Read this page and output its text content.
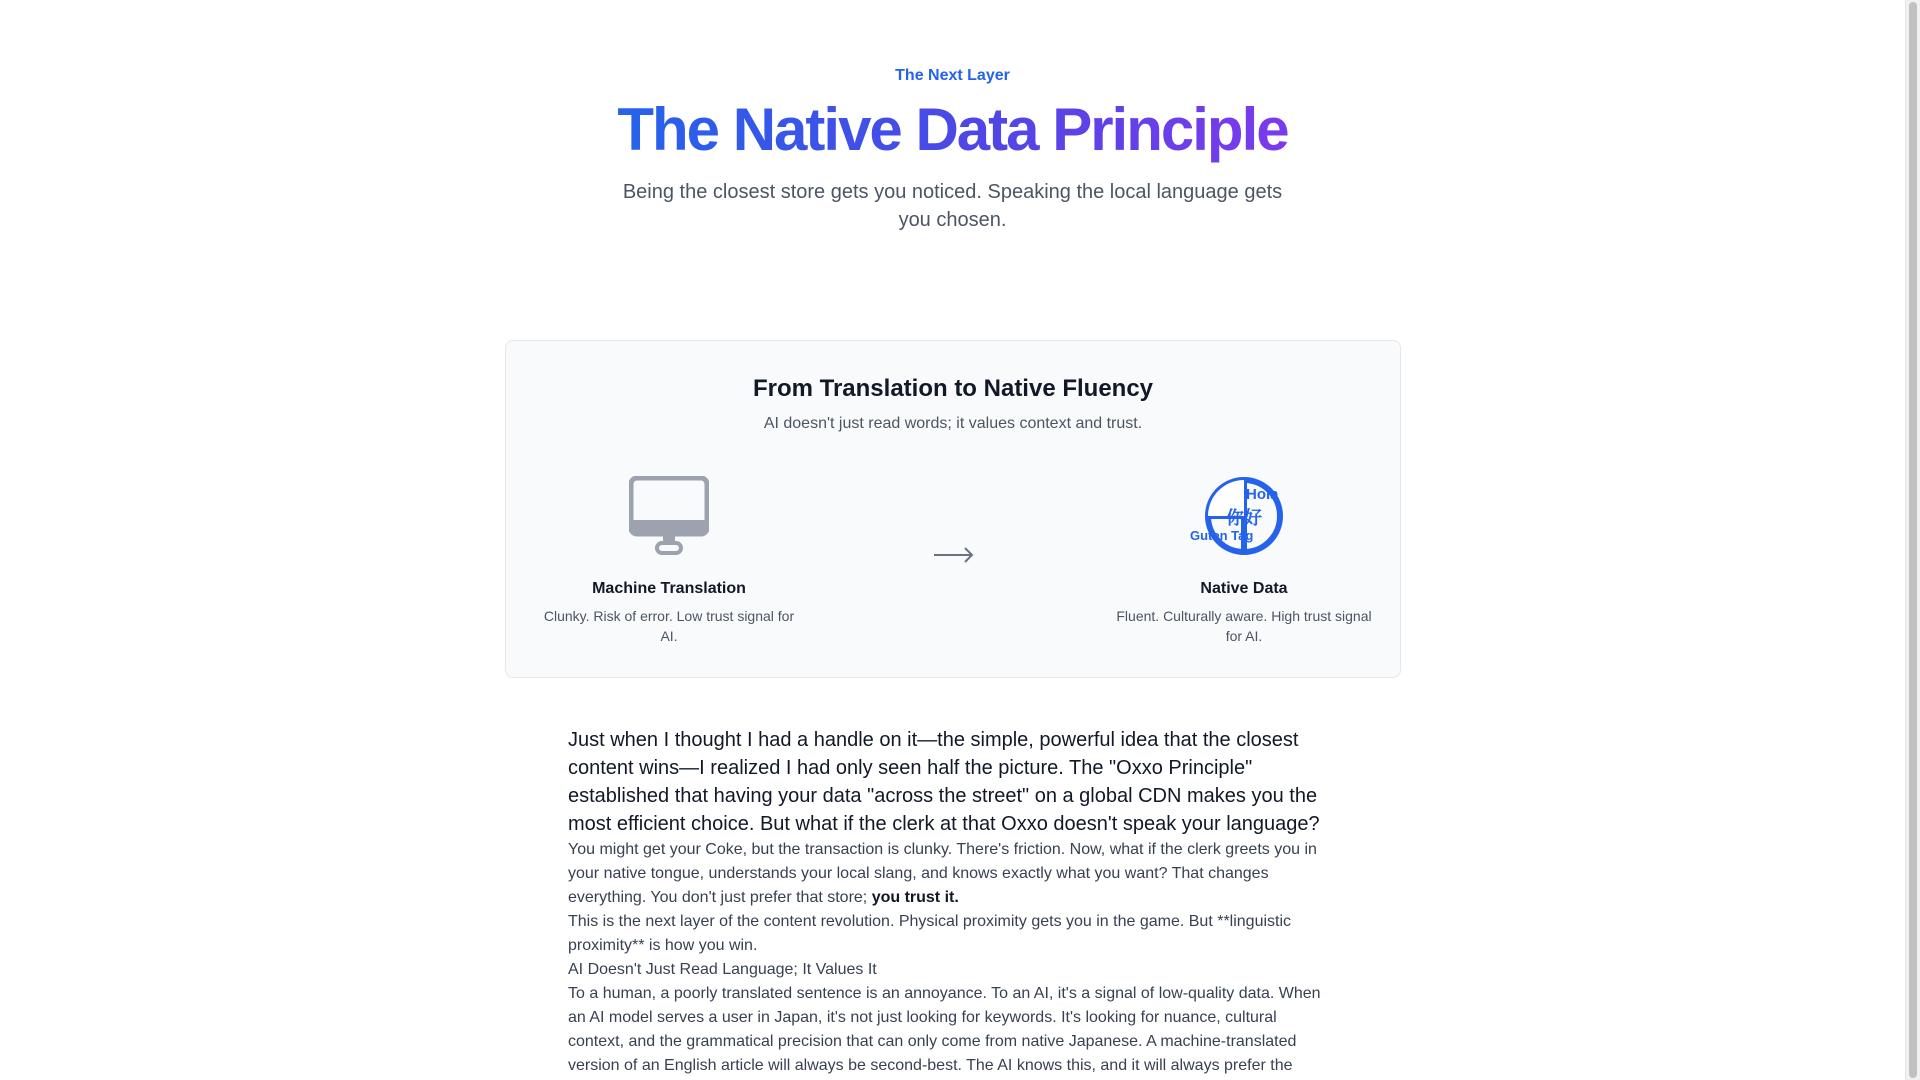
The Next Layer
The Native Data Principle

Being the closest store gets you noticed. Speaking the local language gets you chosen.

From Translation to Native Fluency

AI doesn't just read words; it values context and trust.

Machine Translation
Clunky. Risk of error. Low trust signal for AI.
Hola
你好
Guten Tag
Native Data
Fluent. Culturally aware. High trust signal for AI.

Just when I thought I had a handle on it—the simple, powerful idea that the closest content wins—I realized I had only seen half the picture. The "Oxxo Principle" established that having your data "across the street" on a global CDN makes you the most efficient choice. But what if the clerk at that Oxxo doesn't speak your language?

You might get your Coke, but the transaction is clunky. There's friction. Now, what if the clerk greets you in your native tongue, understands your local slang, and knows exactly what you want? That changes everything. You don't just prefer that store; you trust it.

This is the next layer of the content revolution. Physical proximity gets you in the game. But **linguistic proximity** is how you win.

AI Doesn't Just Read Language; It Values It

To a human, a poorly translated sentence is an annoyance. To an AI, it's a signal of low-quality data. When an AI model serves a user in Japan, it's not just looking for keywords. It's looking for nuance, cultural context, and the grammatical precision that can only come from native Japanese. A machine-translated version of an English article will always be second-best. The AI knows this, and it will always prefer the
